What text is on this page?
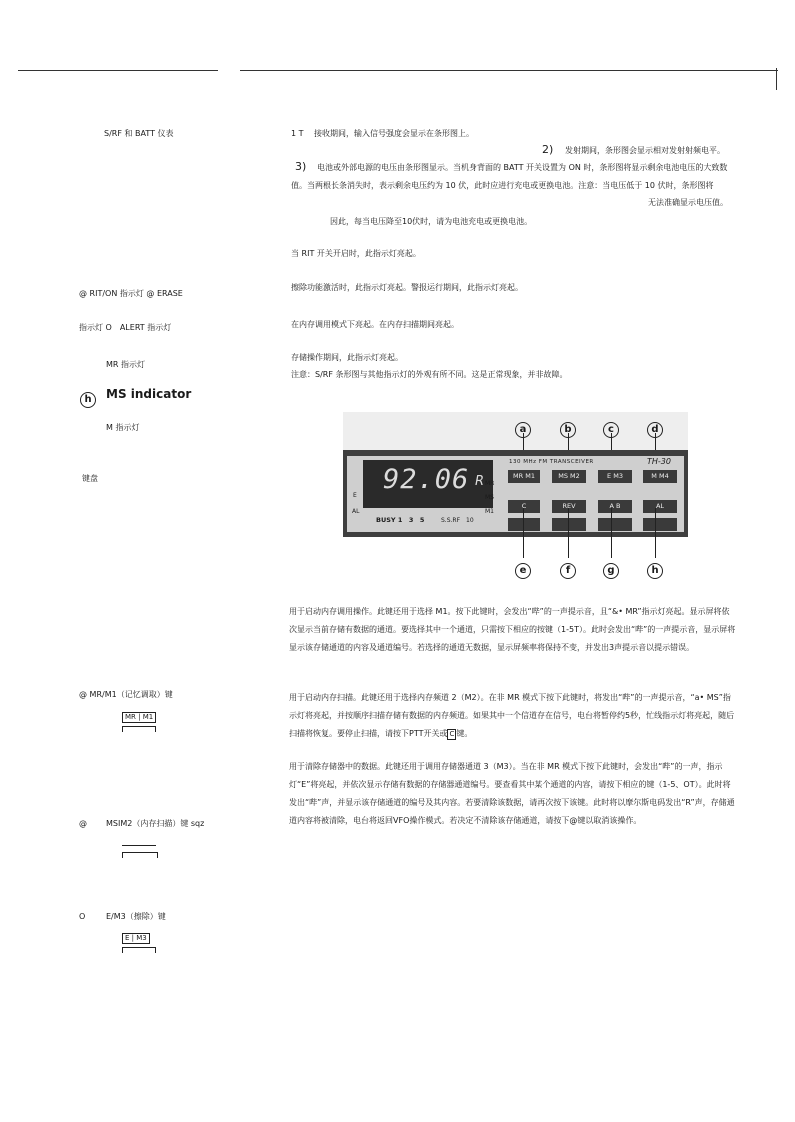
S/RF 和 BATT 仪表
@ RIT/ON 指示灯 @ ERASE
指示灯 O　ALERT 指示灯
MR 指示灯
h	MS indicator
M 指示灯
键盘
@ MR/M1（记忆调取）键
MR | M1
@ MSIM2（内存扫描）键 sqz
O	E/M3（擦除）键
E | M3
1 T　 接收期间，输入信号强度会显示在条形图上。
2) 发射期间，条形图会显示相对发射射频电平。
3) 电池或外部电源的电压由条形图显示。当机身背面的 BATT 开关设置为 ON 时，条形图将显示剩余电池电压的大致数
值。当两根长条消失时，表示剩余电压约为 10 伏，此时应进行充电或更换电池。注意：当电压低于 10 伏时，条形图将
无法准确显示电压值。
因此，每当电压降至10伏时，请为电池充电或更换电池。
当 RIT 开关开启时，此指示灯亮起。
擦除功能激活时，此指示灯亮起。警报运行期间，此指示灯亮起。
在内存调用模式下亮起。在内存扫描期间亮起。
存储操作期间，此指示灯亮起。
注意：S/RF 条形图与其他指示灯的外观有所不同。这是正常现象，并非故障。
a	b	c	d
E
AL
92.06 R
BUSY 1　3　5	S.S.RF　10
MR
MS
M1
130 MHz FM TRANSCEIVER	TH-30
MR M1	MS M2	E M3	M M4
C	REV	A B	AL
e	f	g	h
用于启动内存调用操作。此键还用于选择 M1。按下此键时，会发出“哔”的一声提示音，且“&• MR”指示灯亮起。显示屏将依次显示当前存储有数据的通道。要选择其中一个通道，只需按下相应的按键（1-5T）。此时会发出“哔”的一声提示音，显示屏将显示该存储通道的内容及通道编号。若选择的通道无数据，显示屏频率将保持不变，并发出3声提示音以提示错误。
用于启动内存扫描。此键还用于选择内存频道 2（M2）。在非 MR 模式下按下此键时，将发出“哔”的一声提示音，“a• MS”指示灯将亮起，并按顺序扫描存储有数据的内存频道。如果其中一个信道存在信号，电台将暂停约5秒，忙线指示灯将亮起，随后扫描将恢复。要停止扫描，请按下PTT开关或 C 键。
用于清除存储器中的数据。此键还用于调用存储器通道 3（M3）。当在非 MR 模式下按下此键时，会发出“哔”的一声，指示灯“E”将亮起，并依次显示存储有数据的存储器通道编号。要查看其中某个通道的内容，请按下相应的键（1-5、OT）。此时将发出“哔”声，并显示该存储通道的编号及其内容。若要清除该数据，请再次按下该键。此时将以摩尔斯电码发出“R”声，存储通道内容将被清除，电台将返回VFO操作模式。若决定不清除该存储通道，请按下@键以取消该操作。
